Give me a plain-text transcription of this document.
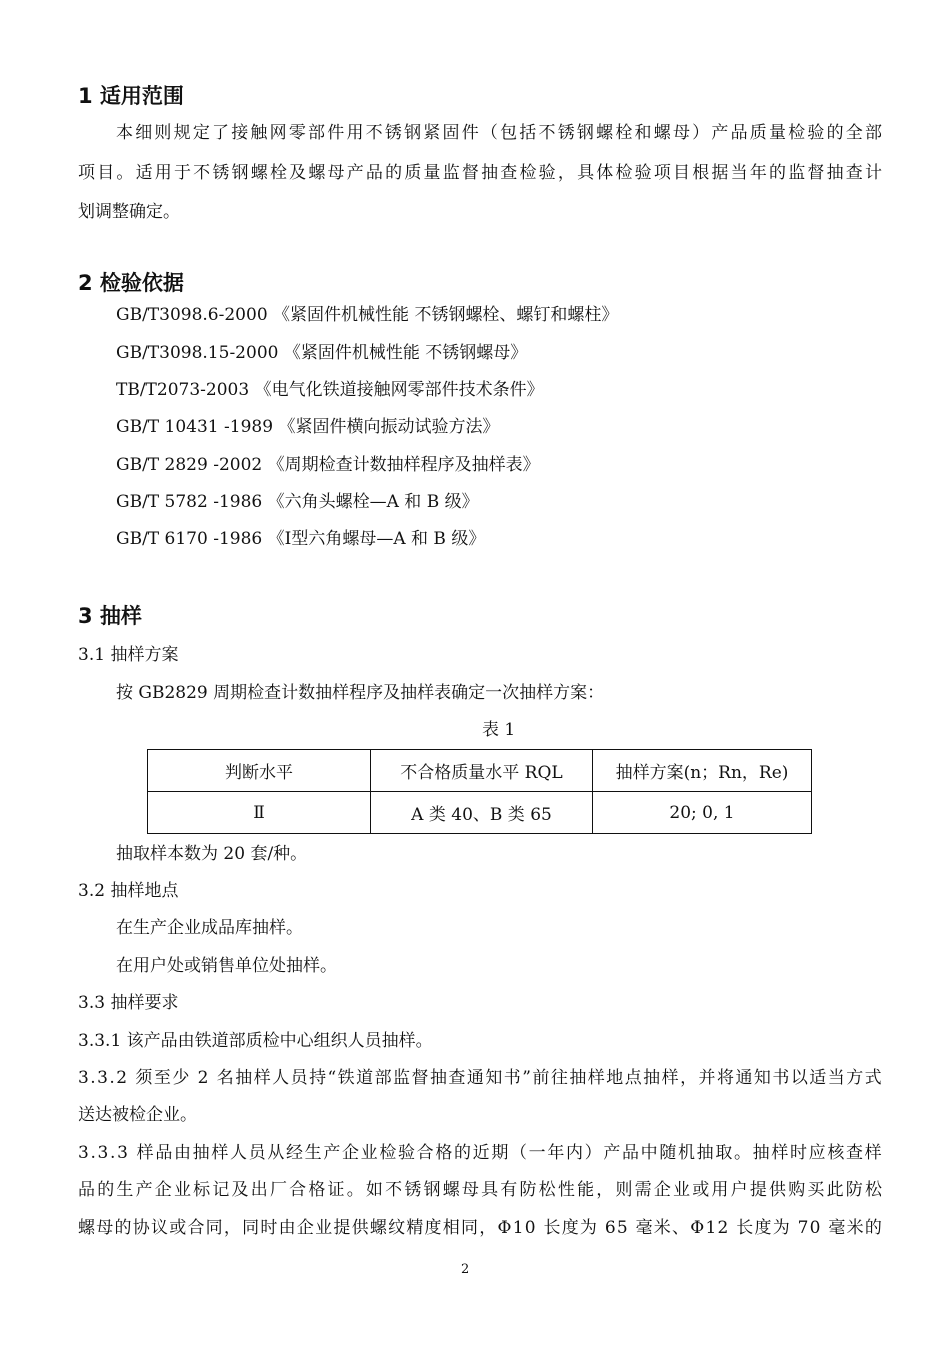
1 适用范围
本细则规定了接触网零部件用不锈钢紧固件（包括不锈钢螺栓和螺母）产品质量检验的全部
项目。适用于不锈钢螺栓及螺母产品的质量监督抽查检验，具体检验项目根据当年的监督抽查计
划调整确定。
2 检验依据
GB/T3098.6-2000 《紧固件机械性能 不锈钢螺栓、螺钉和螺柱》
GB/T3098.15-2000 《紧固件机械性能 不锈钢螺母》
TB/T2073-2003 《电气化铁道接触网零部件技术条件》
GB/T 10431 -1989 《紧固件横向振动试验方法》
GB/T 2829 -2002 《周期检查计数抽样程序及抽样表》
GB/T 5782 -1986 《六角头螺栓—A 和 B 级》
GB/T 6170 -1986 《Ⅰ型六角螺母—A 和 B 级》
3 抽样
3.1 抽样方案
按 GB2829 周期检查计数抽样程序及抽样表确定一次抽样方案：
表 1
判断水平	不合格质量水平 RQL	抽样方案(n；Rn，Re)
Ⅱ	A 类 40、B 类 65	20; 0, 1
抽取样本数为 20 套/种。
3.2 抽样地点
在生产企业成品库抽样。
在用户处或销售单位处抽样。
3.3 抽样要求
3.3.1 该产品由铁道部质检中心组织人员抽样。
3.3.2 须至少 2 名抽样人员持“铁道部监督抽查通知书”前往抽样地点抽样，并将通知书以适当方式
送达被检企业。
3.3.3 样品由抽样人员从经生产企业检验合格的近期（一年内）产品中随机抽取。抽样时应核查样
品的生产企业标记及出厂合格证。如不锈钢螺母具有防松性能，则需企业或用户提供购买此防松
螺母的协议或合同，同时由企业提供螺纹精度相同，Φ10 长度为 65 毫米、Φ12 长度为 70 毫米的
2
